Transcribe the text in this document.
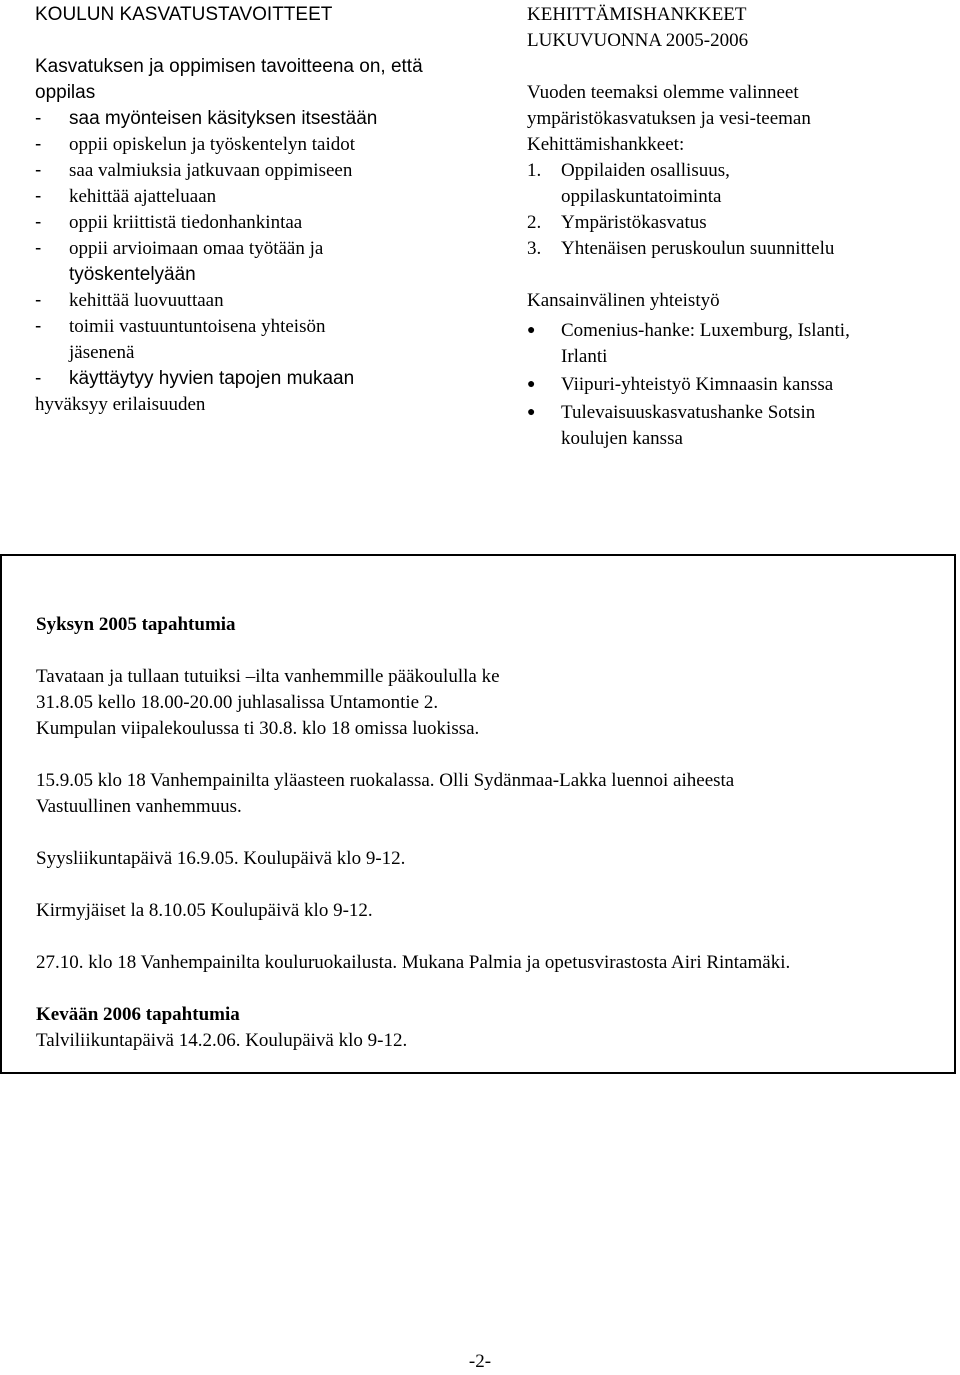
KOULUN KASVATUSTAVOITTEET
Kasvatuksen ja oppimisen tavoitteena on, että
oppilas
-	saa myönteisen käsityksen itsestään
-	oppii opiskelun ja työskentelyn taidot
-	saa valmiuksia jatkuvaan oppimiseen
-	kehittää ajatteluaan
-	oppii kriittistä tiedonhankintaa
-	oppii arvioimaan omaa työtään ja
työskentelyään
-	kehittää luovuuttaan
-	toimii vastuuntuntoisena yhteisön
jäsenenä
-	käyttäytyy hyvien tapojen mukaan
hyväksyy erilaisuuden
KEHITTÄMISHANKKEET
LUKUVUONNA 2005-2006
Vuoden teemaksi olemme valinneet
ympäristökasvatuksen ja vesi-teeman
Kehittämishankkeet:
1.	Oppilaiden osallisuus,
oppilaskuntatoiminta
2.	Ympäristökasvatus
3.	Yhtenäisen peruskoulun suunnittelu
Kansainvälinen yhteistyö
●	Comenius-hanke: Luxemburg, Islanti,
Irlanti
●	Viipuri-yhteistyö Kimnaasin kanssa
●	Tulevaisuuskasvatushanke Sotsin
koulujen kanssa
Syksyn 2005 tapahtumia
Tavataan ja tullaan tutuiksi –ilta vanhemmille pääkoululla ke
31.8.05 kello 18.00-20.00 juhlasalissa Untamontie 2.
Kumpulan viipalekoulussa ti 30.8. klo 18 omissa luokissa.
15.9.05 klo 18 Vanhempainilta yläasteen ruokalassa. Olli Sydänmaa-Lakka luennoi aiheesta
Vastuullinen vanhemmuus.
Syysliikuntapäivä 16.9.05. Koulupäivä klo 9-12.
Kirmyjäiset la 8.10.05 Koulupäivä klo 9-12.
27.10. klo 18 Vanhempainilta kouluruokailusta. Mukana Palmia ja opetusvirastosta Airi Rintamäki.
Kevään 2006 tapahtumia
Talviliikuntapäivä 14.2.06. Koulupäivä klo 9-12.
-2-
